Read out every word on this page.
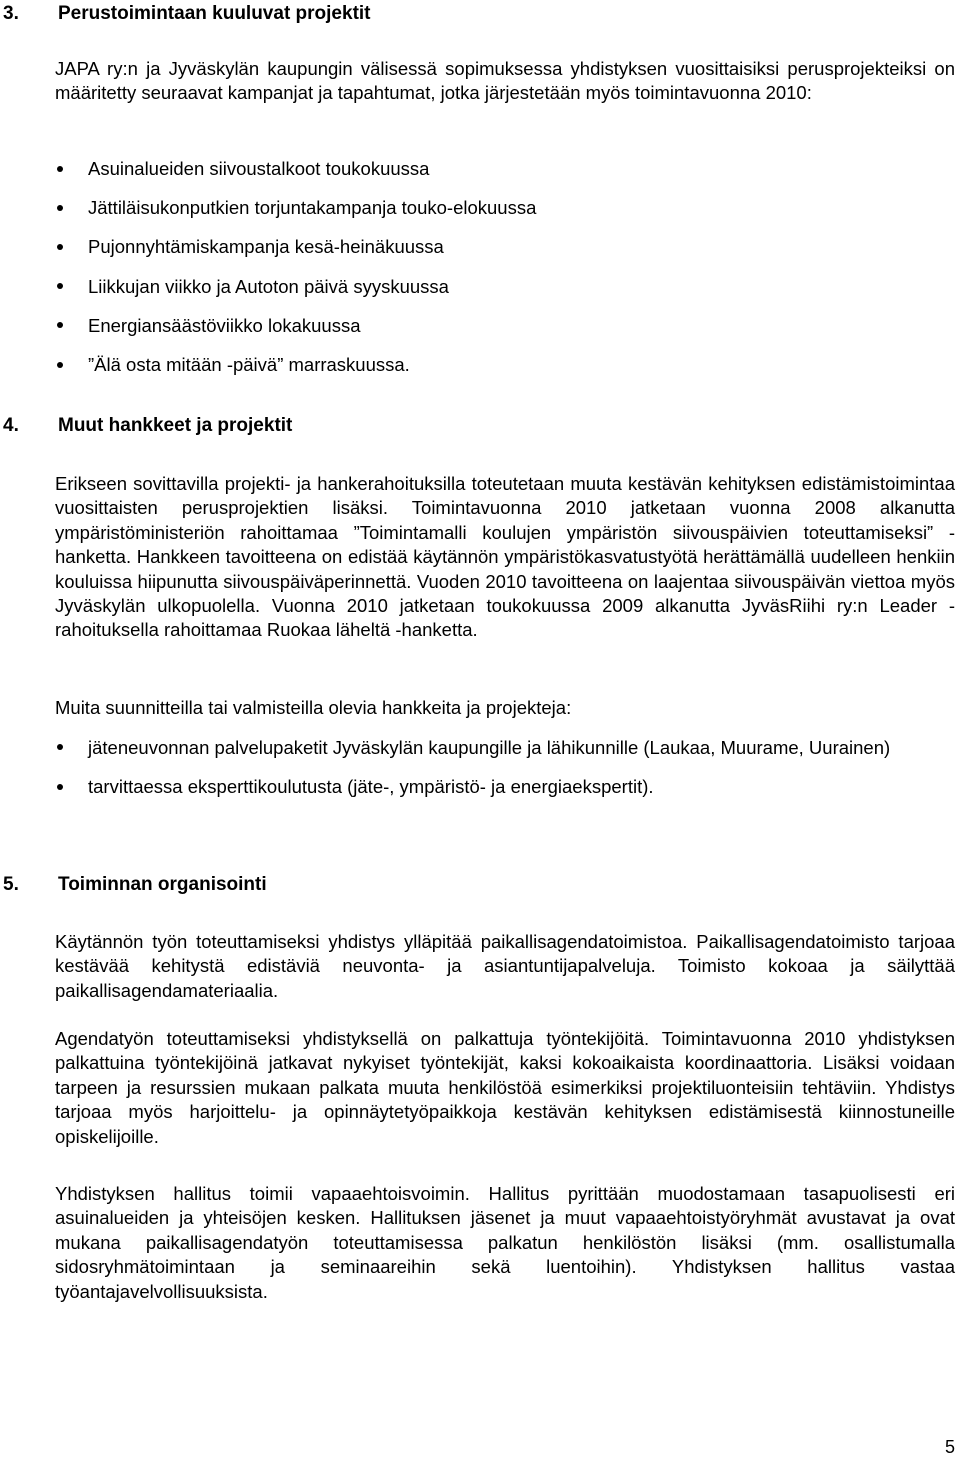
3. Perustoimintaan kuuluvat projektit

JAPA ry:n ja Jyväskylän kaupungin välisessä sopimuksessa yhdistyksen vuosittaisiksi perusprojekteiksi on määritetty seuraavat kampanjat ja tapahtumat, jotka järjestetään myös toimintavuonna 2010:

Asuinalueiden siivoustalkoot toukokuussa
Jättiläisukonputkien torjuntakampanja touko-elokuussa
Pujonnyhtämiskampanja kesä-heinäkuussa
Liikkujan viikko ja Autoton päivä syyskuussa
Energiansäästöviikko lokakuussa
”Älä osta mitään -päivä” marraskuussa.
4. Muut hankkeet ja projektit

Erikseen sovittavilla projekti- ja hankerahoituksilla toteutetaan muuta kestävän kehityksen edistämistoimintaa vuosittaisten perusprojektien lisäksi. Toimintavuonna 2010 jatketaan vuonna 2008 alkanutta ympäristöministeriön rahoittamaa ”Toimintamalli koulujen ympäristön siivouspäivien toteuttamiseksi” -hanketta. Hankkeen tavoitteena on edistää käytännön ympäristökasvatustyötä herättämällä uudelleen henkiin kouluissa hiipunutta siivouspäiväperinnettä. Vuoden 2010 tavoitteena on laajentaa siivouspäivän viettoa myös Jyväskylän ulkopuolella. Vuonna 2010 jatketaan toukokuussa 2009 alkanutta JyväsRiihi ry:n Leader -rahoituksella rahoittamaa Ruokaa läheltä -hanketta.

Muita suunnitteilla tai valmisteilla olevia hankkeita ja projekteja:

jäteneuvonnan palvelupaketit Jyväskylän kaupungille ja lähikunnille (Laukaa, Muurame, Uurainen)
tarvittaessa eksperttikoulutusta (jäte-, ympäristö- ja energiaekspertit).
5. Toiminnan organisointi

Käytännön työn toteuttamiseksi yhdistys ylläpitää paikallisagendatoimistoa. Paikallisagendatoimisto tarjoaa kestävää kehitystä edistäviä neuvonta- ja asiantuntijapalveluja. Toimisto kokoaa ja säilyttää paikallisagendamateriaalia.

Agendatyön toteuttamiseksi yhdistyksellä on palkattuja työntekijöitä. Toimintavuonna 2010 yhdistyksen palkattuina työntekijöinä jatkavat nykyiset työntekijät, kaksi kokoaikaista koordinaattoria. Lisäksi voidaan tarpeen ja resurssien mukaan palkata muuta henkilöstöä esimerkiksi projektiluonteisiin tehtäviin. Yhdistys tarjoaa myös harjoittelu- ja opinnäytetyöpaikkoja kestävän kehityksen edistämisestä kiinnostuneille opiskelijoille.

Yhdistyksen hallitus toimii vapaaehtoisvoimin. Hallitus pyrittään muodostamaan tasapuolisesti eri asuinalueiden ja yhteisöjen kesken. Hallituksen jäsenet ja muut vapaaehtoistyöryhmät avustavat ja ovat mukana paikallisagendatyön toteuttamisessa palkatun henkilöstön lisäksi (mm. osallistumalla sidosryhmätoimintaan ja seminaareihin sekä luentoihin). Yhdistyksen hallitus vastaa työantajavelvollisuuksista.

5
